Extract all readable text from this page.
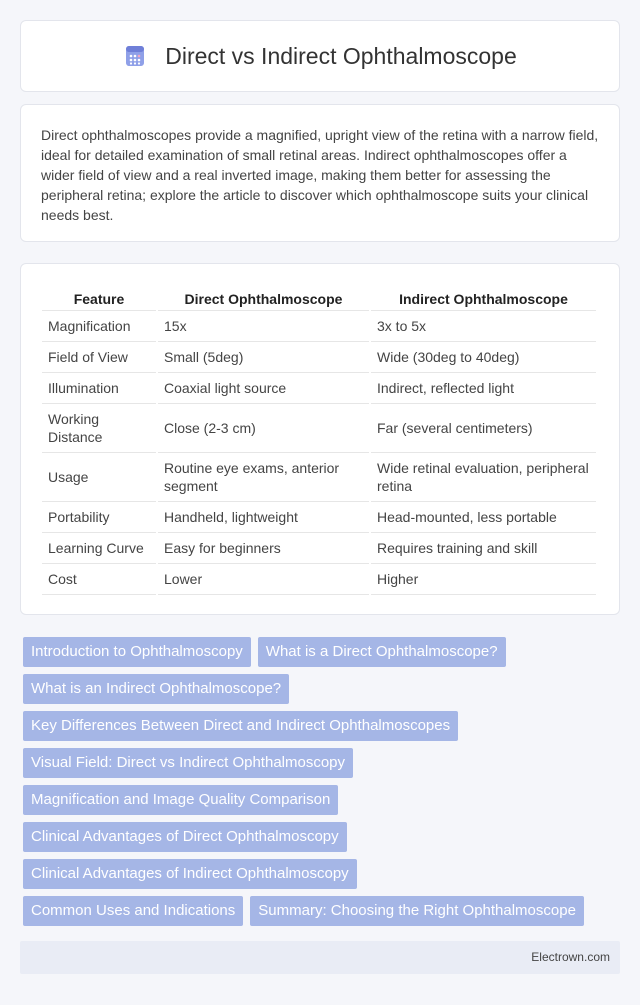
Direct vs Indirect Ophthalmoscope

Direct ophthalmoscopes provide a magnified, upright view of the retina with a narrow field, ideal for detailed examination of small retinal areas. Indirect ophthalmoscopes offer a wider field of view and a real inverted image, making them better for assessing the peripheral retina; explore the article to discover which ophthalmoscope suits your clinical needs best.

Feature	Direct Ophthalmoscope	Indirect Ophthalmoscope
Magnification	15x	3x to 5x
Field of View	Small (5deg)	Wide (30deg to 40deg)
Illumination	Coaxial light source	Indirect, reflected light
Working Distance	Close (2-3 cm)	Far (several centimeters)
Usage	Routine eye exams, anterior segment	Wide retinal evaluation, peripheral retina
Portability	Handheld, lightweight	Head-mounted, less portable
Learning Curve	Easy for beginners	Requires training and skill
Cost	Lower	Higher
Introduction to Ophthalmoscopy	What is a Direct Ophthalmoscope?
What is an Indirect Ophthalmoscope?
Key Differences Between Direct and Indirect Ophthalmoscopes
Visual Field: Direct vs Indirect Ophthalmoscopy
Magnification and Image Quality Comparison
Clinical Advantages of Direct Ophthalmoscopy
Clinical Advantages of Indirect Ophthalmoscopy
Common Uses and Indications	Summary: Choosing the Right Ophthalmoscope
Electrown.com
